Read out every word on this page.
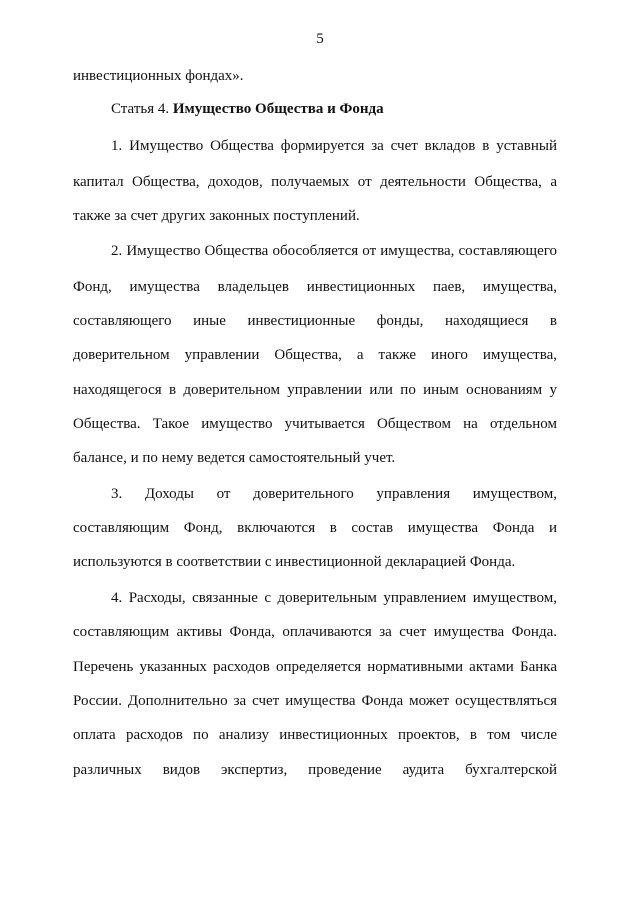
5
инвестиционных фондах».
Статья 4. Имущество Общества и Фонда
1. Имущество Общества формируется за счет вкладов в уставный
капитал Общества, доходов, получаемых от деятельности Общества, а
также за счет других законных поступлений.
2. Имущество Общества обособляется от имущества, составляющего
Фонд, имущества владельцев инвестиционных паев, имущества,
составляющего иные инвестиционные фонды, находящиеся в
доверительном управлении Общества, а также иного имущества,
находящегося в доверительном управлении или по иным основаниям у
Общества. Такое имущество учитывается Обществом на отдельном
балансе, и по нему ведется самостоятельный учет.
3. Доходы от доверительного управления имуществом,
составляющим Фонд, включаются в состав имущества Фонда и
используются в соответствии с инвестиционной декларацией Фонда.
4. Расходы, связанные с доверительным управлением имуществом,
составляющим активы Фонда, оплачиваются за счет имущества Фонда.
Перечень указанных расходов определяется нормативными актами Банка
России. Дополнительно за счет имущества Фонда может осуществляться
оплата расходов по анализу инвестиционных проектов, в том числе
различных видов экспертиз, проведение аудита бухгалтерской
